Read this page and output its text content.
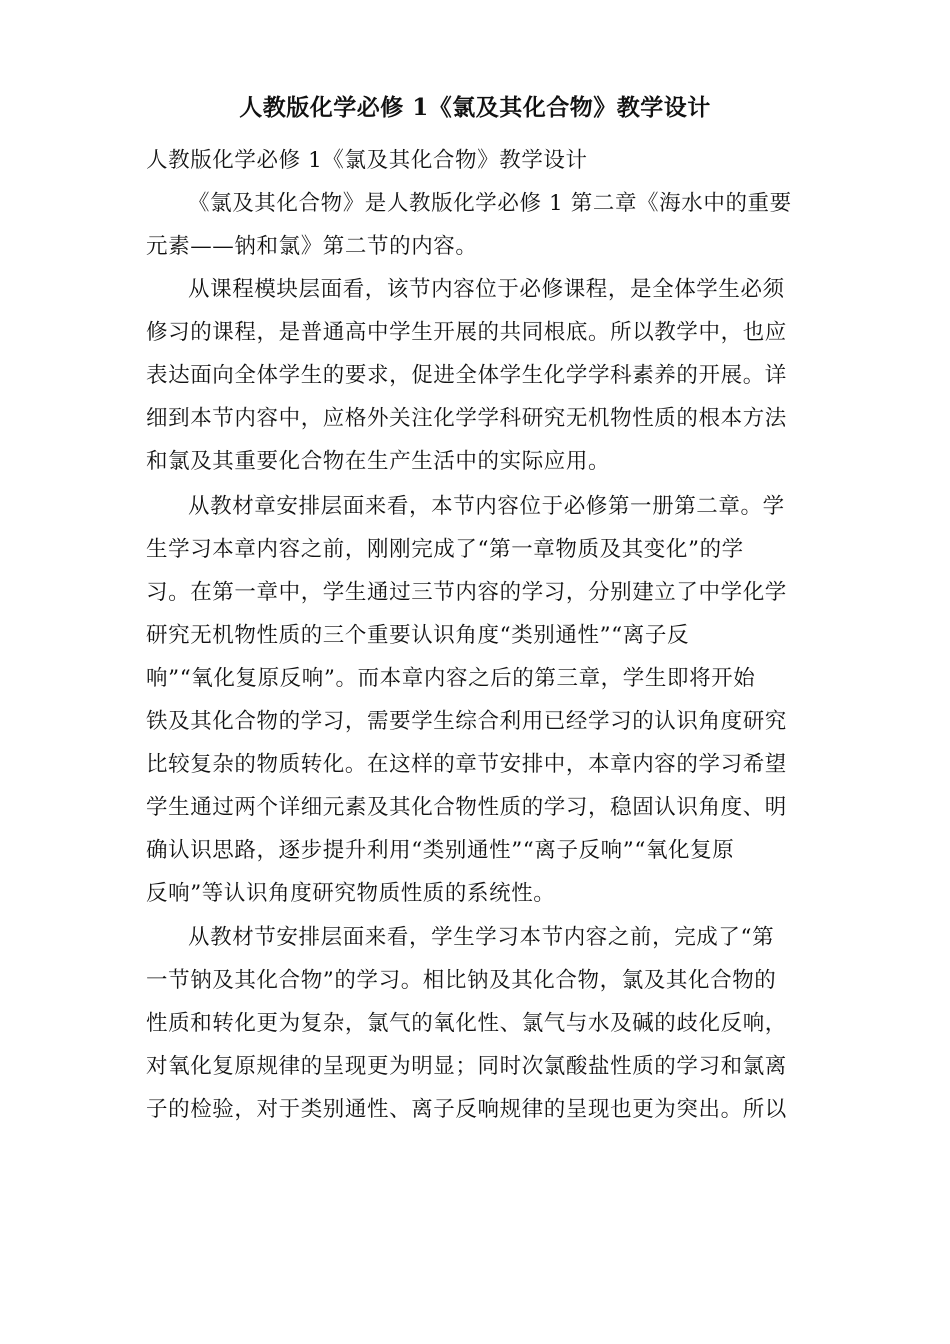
人教版化学必修 1《氯及其化合物》教学设计
人教版化学必修 1《氯及其化合物》教学设计
《氯及其化合物》是人教版化学必修 1 第二章《海水中的重要
元素——钠和氯》第二节的内容。
从课程模块层面看，该节内容位于必修课程，是全体学生必须
修习的课程，是普通高中学生开展的共同根底。所以教学中，也应
表达面向全体学生的要求，促进全体学生化学学科素养的开展。详
细到本节内容中，应格外关注化学学科研究无机物性质的根本方法
和氯及其重要化合物在生产生活中的实际应用。
从教材章安排层面来看，本节内容位于必修第一册第二章。学
生学习本章内容之前，刚刚完成了“第一章物质及其变化”的学
习。在第一章中，学生通过三节内容的学习，分别建立了中学化学
研究无机物性质的三个重要认识角度“类别通性”“离子反
响”“氧化复原反响”。而本章内容之后的第三章，学生即将开始
铁及其化合物的学习，需要学生综合利用已经学习的认识角度研究
比较复杂的物质转化。在这样的章节安排中，本章内容的学习希望
学生通过两个详细元素及其化合物性质的学习，稳固认识角度、明
确认识思路，逐步提升利用“类别通性”“离子反响”“氧化复原
反响”等认识角度研究物质性质的系统性。
从教材节安排层面来看，学生学习本节内容之前，完成了“第
一节钠及其化合物”的学习。相比钠及其化合物，氯及其化合物的
性质和转化更为复杂，氯气的氧化性、氯气与水及碱的歧化反响，
对氧化复原规律的呈现更为明显；同时次氯酸盐性质的学习和氯离
子的检验，对于类别通性、离子反响规律的呈现也更为突出。所以
